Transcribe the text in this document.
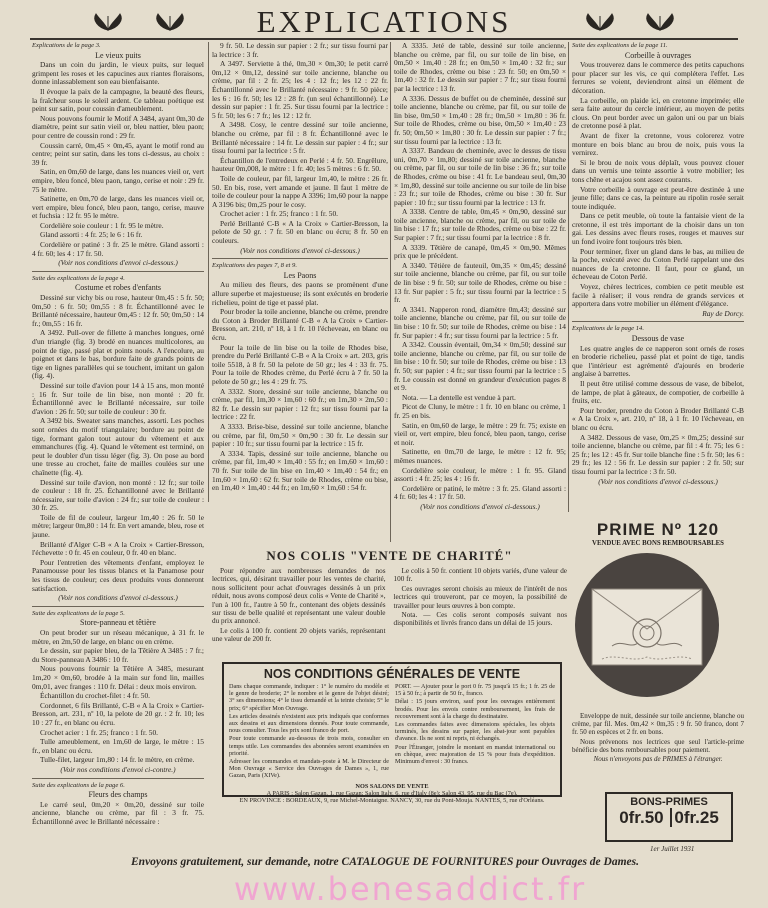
EXPLICATIONS

Explications de la page 3.

Le vieux puits

Dans un coin du jardin, le vieux puits, sur lequel grimpent les roses et les capucines aux riantes floraisons, donne inlassablement son eau bienfaisante.

Il évoque la paix de la campagne, la beauté des fleurs, la fraîcheur sous le soleil ardent. Ce tableau poétique est peint sur satin, pour coussin d'ameublement.

Nous pouvons fournir le Motif A 3484, ayant 0m,30 de diamètre, peint sur satin vieil or, bleu nattier, bleu paon; pour centre de coussin rond : 29 fr.

Coussin carré, 0m,45 × 0m,45, ayant le motif rond au centre; peint sur satin, dans les tons ci-dessus, au choix : 39 fr.

Satin, en 0m,60 de large, dans les nuances vieil or, vert empire, bleu foncé, bleu paon, tango, cerise et noir : 29 fr. 75 le mètre.

Satinette, en 0m,70 de large, dans les nuances vieil or, vert empire, bleu foncé, bleu paon, tango, cerise, mauve et fuchsia : 12 fr. 95 le mètre.

Cordelière soie couleur : 1 fr. 95 le mètre.

Gland assorti : 4 fr. 25; le 6 : 16 fr.

Cordelière or patiné : 3 fr. 25 le mètre. Gland assorti : 4 fr. 60; les 4 : 17 fr. 50.

(Voir nos conditions d'envoi ci-dessous.)

Suite des explications de la page 4.

Costume et robes d'enfants

Dessiné sur vichy bis ou rose, hauteur 0m,45 : 5 fr. 50; 0m,50 : 6 fr. 50; 0m,55 : 8 fr. Échantillonné avec le Brillanté nécessaire, hauteur 0m,45 : 12 fr. 50; 0m,50 : 14 fr.; 0m,55 : 16 fr.

A 3492. Pull-over de fillette à manches longues, orné d'un triangle (fig. 3) brodé en nuances multicolores, au point de tige, passé plat et points noués. A l'encolure, au poignet et dans le bas, bordure faite de grands points de tige en lignes parallèles qui se touchent, imitant un galon (fig. 4).

Dessiné sur toile d'avion pour 14 à 15 ans, mon monté : 16 fr. Sur toile de lin bise, non monté : 20 fr. Échantillonné avec le Brillanté nécessaire, sur toile d'avion : 26 fr. 50; sur toile de couleur : 30 fr.

A 3492 bis. Sweater sans manches, assorti. Les poches sont ornées du motif triangulaire; bordure au point de tige, formant galon tout autour du vêtement et aux emmanchures (fig. 4). Quand le vêtement est terminé, on peut le doubler d'un tissu léger (fig. 3). On pose au bord une tresse au crochet, faite de mailles coulées sur une chaînette (fig. 4).

Dessiné sur toile d'avion, non monté : 12 fr.; sur toile de couleur : 18 fr. 25. Échantillonné avec le Brillanté nécessaire, sur toile d'avion : 24 fr.; sur toile de couleur : 30 fr. 25.

Toile de fil de couleur, largeur 1m,40 : 26 fr. 50 le mètre; largeur 0m,80 : 14 fr. En vert amande, bleu, rose et jaune.

Brillanté d'Alger C-B « A la Croix » Cartier-Bresson, l'échevette : 0 fr. 45 en couleur, 0 fr. 40 en blanc.

Pour l'entretien des vêtements d'enfant, employez le Panamousse pour les tissus blancs et la Panamose pour les tissus de couleur; ces deux produits vous donneront satisfaction.

(Voir nos conditions d'envoi ci-dessous.)

Suite des explications de la page 5.

Store-panneau et têtière

On peut broder sur un réseau mécanique, à 31 fr. le mètre, en 2m,50 de large, en blanc ou en crème.

Le dessin, sur papier bleu, de la Têtière A 3485 : 7 fr.; du Store-panneau A 3486 : 10 fr.

Nous pouvons fournir la Têtière A 3485, mesurant 1m,20 × 0m,60, brodée à la main sur fond lin, mailles 0m,01, avec franges : 110 fr. Délai : deux mois environ.

Échantillon du crochet-filet : 4 fr. 50.

Cordonnet, 6 fils Brillanté, C-B « A la Croix » Cartier-Bresson, art. 231, nº 10, la pelote de 20 gr. : 2 fr. 10; les 10 : 27 fr., en blanc ou écru.

Crochet acier : 1 fr. 25; franco : 1 fr. 50.

Tulle ameublement, en 1m,60 de large, le mètre : 15 fr., en blanc ou écru.

Tulle-filet, largeur 1m,80 : 14 fr. le mètre, en crème.

(Voir nos conditions d'envoi ci-contre.)

Suite des explications de la page 6.

Fleurs des champs

Le carré seul, 0m,20 × 0m,20, dessiné sur toile ancienne, blanche ou crème, par fil : 3 fr. 75. Échantillonné avec le Brillanté nécessaire :

9 fr. 50. Le dessin sur papier : 2 fr.; sur tissu fourni par la lectrice : 3 fr.

A 3497. Serviette à thé, 0m,30 × 0m,30; le petit carré 0m,12 × 0m,12, dessiné sur toile ancienne, blanche ou crème, par fil : 2 fr. 25; les 4 : 12 fr.; les 12 : 22 fr. Échantillonné avec le Brillanté nécessaire : 9 fr. 50 pièce; les 6 : 16 fr. 50; les 12 : 28 fr. (un seul échantillonné). Le dessin sur papier : 1 fr. 25. Sur tissu fourni par la lectrice : 5 fr. 50; les 6 : 7 fr.; les 12 : 12 fr.

A 3498. Cosy, le centre dessiné sur toile ancienne, blanche ou crème, par fil : 8 fr. Échantillonné avec le Brillanté nécessaire : 14 fr. Le dessin sur papier : 4 fr.; sur tissu fourni par la lectrice : 5 fr.

Échantillon de l'entredeux en Perlé : 4 fr. 50. Engrêlure, hauteur 0m,008, le mètre : 1 fr. 40; les 5 mètres : 6 fr. 50.

Toile de couleur, par fil, largeur 1m,40, le mètre : 26 fr. 50. En bis, rose, vert amande et jaune. Il faut 1 mètre de toile de couleur pour la nappe A 3396; 1m,60 pour la nappe A 3196 bis; 0m,25 pour le cosy.

Crochet acier : 1 fr. 25; franco : 1 fr. 50.

Perlé Brillanté C-B « A la Croix » Cartier-Bresson, la pelote de 50 gr. : 7 fr. 50 en blanc ou écru; 8 fr. 50 en couleurs.

(Voir nos conditions d'envoi ci-dessous.)

Explications des pages 7, 8 et 9.

Les Paons

Au milieu des fleurs, des paons se promènent d'une allure superbe et majestueuse; ils sont exécutés en broderie richelieu, point de tige et passé plat.

Pour broder la toile ancienne, blanche ou crème, prendre du Coton à Broder Brillanté C-B « A la Croix » Cartier-Bresson, art. 210, nº 18, à 1 fr. 10 l'écheveau, en blanc ou écru.

Pour la toile de lin bise ou la toile de Rhodes bise, prendre du Perlé Brillanté C-B « A la Croix » art. 203, gris toile 5518, à 8 fr. 50 la pelote de 50 gr.; les 4 : 33 fr. 75. Pour la toile de Rhodes crème, du Perlé écru à 7 fr. 50 la pelote de 50 gr.; les 4 : 29 fr. 75.

A 3332. Store, dessiné sur toile ancienne, blanche ou crème, par fil, 1m,30 × 1m,60 : 60 fr.; en 1m,30 × 2m,50 : 82 fr. Le dessin sur papier : 12 fr.; sur tissu fourni par la lectrice : 22 fr.

A 3333. Brise-bise, dessiné sur toile ancienne, blanche ou crème, par fil, 0m,50 × 0m,90 : 30 fr. Le dessin sur papier : 10 fr.; sur tissu fourni par la lectrice : 15 fr.

A 3334. Tapis, dessiné sur toile ancienne, blanche ou crème, par fil, 1m,40 × 1m,40 : 55 fr.; en 1m,60 × 1m,60 : 70 fr. Sur toile de lin bise en 1m,40 × 1m,40 : 54 fr.; en 1m,60 × 1m,60 : 62 fr. Sur toile de Rhodes, crème ou bise, en 1m,40 × 1m,40 : 44 fr.; en 1m,60 × 1m,60 : 54 fr.

A 3335. Jeté de table, dessiné sur toile ancienne, blanche ou crème, par fil, ou sur toile de lin bise, en 0m,50 × 1m,40 : 28 fr.; en 0m,50 × 1m,40 : 32 fr.; sur toile de Rhodes, crème ou bise : 23 fr. 50; en 0m,50 × 1m,40 : 32 fr. Le dessin sur papier : 7 fr.; sur tissu fourni par la lectrice : 13 fr.

A 3336. Dessus de buffet ou de cheminée, dessiné sur toile ancienne, blanche ou crème, par fil, ou sur toile de lin bise, 0m,50 × 1m,40 : 28 fr.; 0m,50 × 1m,80 : 36 fr. Sur toile de Rhodes, crème ou bise, 0m,50 × 1m,40 : 23 fr. 50; 0m,50 × 1m,80 : 30 fr. Le dessin sur papier : 7 fr.; sur tissu fourni par la lectrice : 13 fr.

A 3337. Bandeau de cheminée, avec le dessus de tissu uni, 0m,70 × 1m,80; dessiné sur toile ancienne, blanche ou crème, par fil, ou sur toile de lin bise : 36 fr.; sur toile de Rhodes, crème ou bise : 41 fr. Le bandeau seul, 0m,30 × 1m,80, dessiné sur toile ancienne ou sur toile de lin bise : 23 fr.; sur toile de Rhodes, crème ou bise : 30 fr. Sur papier : 10 fr.; sur tissu fourni par la lectrice : 13 fr.

A 3338. Centre de table, 0m,45 × 0m,90, dessiné sur toile ancienne, blanche ou crème, par fil, ou sur toile de lin bise : 17 fr.; sur toile de Rhodes, crème ou bise : 22 fr. Sur papier : 7 fr.; sur tissu fourni par la lectrice : 8 fr.

A 3339. Têtière de canapé, 0m,45 × 0m,90. Mêmes prix que le précédent.

A 3340. Têtière de fauteuil, 0m,35 × 0m,45; dessiné sur toile ancienne, blanche ou crème, par fil, ou sur toile de lin bise : 9 fr. 50; sur toile de Rhodes, crème ou bise : 13 fr. Sur papier : 5 fr.; sur tissu fourni par la lectrice : 5 fr.

A 3341. Napperon rond, diamètre 0m,43; dessiné sur toile ancienne, blanche ou crème, par fil, ou sur toile de lin bise : 10 fr. 50; sur toile de Rhodes, crème ou bise : 14 fr. Sur papier : 4 fr.; sur tissu fourni par la lectrice : 5 fr.

A 3342. Coussin éventail, 0m,34 × 0m,50; dessiné sur toile ancienne, blanche ou crème, par fil, ou sur toile de lin bise : 10 fr. 50; sur toile de Rhodes, crème ou bise : 13 fr. 50; sur papier : 4 fr.; sur tissu fourni par la lectrice : 5 fr. Le coussin est donné en grandeur d'exécution pages 8 et 9.

Nota. — La dentelle est vendue à part.

Picot de Cluny, le mètre : 1 fr. 10 en blanc ou crème, 1 fr. 25 en bis.

Satin, en 0m,60 de large, le mètre : 29 fr. 75; existe en vieil or, vert empire, bleu foncé, bleu paon, tango, cerise et noir.

Satinette, en 0m,70 de large, le mètre : 12 fr. 95; mêmes nuances.

Cordelière soie couleur, le mètre : 1 fr. 95. Gland assorti : 4 fr. 25; les 4 : 16 fr.

Cordelière or patiné, le mètre : 3 fr. 25. Gland assorti : 4 fr. 60; les 4 : 17 fr. 50.

(Voir nos conditions d'envoi ci-dessous.)

Suite des explications de la page 11.

Corbeille à ouvrages

Vous trouverez dans le commerce des petits capuchons pour placer sur les vis, ce qui complétera l'effet. Les ferrures se voient, deviendront ainsi un élément de décoration.

La corbeille, on plaide ici, en cretonne imprimée; elle sera faite autour du cercle intérieur, au moyen de petits clous. On peut border avec un galon uni ou par un biais de cretonne posé à plat.

Avant de fixer la cretonne, vous colorerez votre monture en bois blanc au brou de noix, puis vous la vernirez.

Si le brou de noix vous déplaît, vous pouvez clouer dans un vernis une teinte assortie à votre mobilier; les tons chêne et acajou sont assez courants.

Votre corbeille à ouvrage est peut-être destinée à une jeune fille; dans ce cas, la peinture au ripolin rosée serait toute indiquée.

Dans ce petit meuble, où toute la fantaisie vient de la cretonne, il est très important de la choisir dans un ton gai. Les dessins avec fleurs roses, rouges et mauves sur un fond ivoire font toujours très bien.

Pour terminer, fixer un gland dans le bas, au milieu de la poche, exécuté avec du Coton Perlé rappelant une des nuances de la cretonne. Il faut, pour ce gland, un écheveau de Coton Perlé.

Voyez, chères lectrices, combien ce petit meuble est facile à réaliser; il vous rendra de grands services et apportera dans votre mobilier un élément d'élégance.

Ray de Dorcy.

Explications de la page 14.

Dessous de vase

Les quatre angles de ce napperon sont ornés de roses en broderie richelieu, passé plat et point de tige, tandis que l'intérieur est agrémenté d'ajourés en broderie anglaise à barrettes.

Il peut être utilisé comme dessous de vase, de bibelot, de lampe, de plat à gâteaux, de compotier, de corbeille à fruits, etc.

Pour broder, prendre du Coton à Broder Brillanté C-B « A la Croix », art. 210, nº 18, à 1 fr. 10 l'écheveau, en blanc ou écru.

A 3482. Dessous de vase, 0m,25 × 0m,25; dessiné sur toile ancienne, blanche ou crème, par fil : 4 fr. 75; les 6 : 25 fr.; les 12 : 45 fr. Sur toile blanche fine : 5 fr. 50; les 6 : 29 fr.; les 12 : 56 fr. Le dessin sur papier : 2 fr. 50; sur tissu fourni par la lectrice : 3 fr. 50.

(Voir nos conditions d'envoi ci-dessous.)

NOS COLIS "VENTE DE CHARITÉ"

Pour répondre aux nombreuses demandes de nos lectrices, qui, désirant travailler pour les ventes de charité, nous sollicitent pour achat d'ouvrages dessinés à un prix réduit, nous avons composé deux colis « Vente de Charité », l'un à 100 fr., l'autre à 50 fr., contenant des objets dessinés sur tissu de belle qualité et représentant une valeur double du prix annoncé.

Le colis à 100 fr. contient 20 objets variés, représentant une valeur de 200 fr.

Le colis à 50 fr. contient 10 objets variés, d'une valeur de 100 fr.

Ces ouvrages seront choisis au mieux de l'intérêt de nos lectrices qui trouveront, par ce moyen, la possibilité de travailler pour leurs œuvres à bon compte.

Nota. — Ces colis seront composés suivant nos disponibilités et livrés franco dans un délai de 15 jours.

NOS CONDITIONS GÉNÉRALES DE VENTE

Dans chaque commande, indiquer : 1° le numéro du modèle et le genre de broderie; 2° le nombre et le genre de l'objet désiré; 3° ses dimensions; 4° le tissu demandé et la teinte choisie; 5° le prix; 6° spécifier Mon Ouvrage.

Les articles dessinés n'existent aux prix indiqués que conformes aux dessins et aux dimensions donnés. Pour toute commande, nous consulter. Tous les prix sont franco de port.

Pour toute commande au-dessous de trois mois, consulter en temps utile. Les commandes des abonnées seront examinées en priorité.

Adresser les commandes et mandats-poste à M. le Directeur de Mon Ouvrage « Service des Ouvrages de Dames », 1, rue Gazan, Paris (XIVe).

PORT. — Ajouter pour le port 0 fr. 75 jusqu'à 15 fr.; 1 fr. 25 de 15 à 50 fr.; à partir de 50 fr., franco.

Délai : 15 jours environ, sauf pour les ouvrages entièrement brodés. Pour les envois contre remboursement, les frais de recouvrement sont à la charge du destinataire.

Les commandes faites avec dimensions spéciales, les objets terminés, les dessins sur papier, les abat-jour sont payables d'avance. Ils ne sont ni repris, ni échangés.

Pour l'Étranger, joindre le montant en mandat international ou en chèque, avec majoration de 15 % pour frais d'expédition. Minimum d'envoi : 30 francs.

NOS SALONS DE VENTE
A PARIS : Salon Gazan, 1, rue Gazan; Salon Italy, 6, rue d'Italy (8e); Salon 43, 95, rue du Bac (7e).
EN PROVINCE : BORDEAUX, 9, rue Michel-Montaigne. NANCY, 30, rue du Pont-Mouja. NANTES, 5, rue d'Orléans.
PRIME Nº 120
VENDUE AVEC BONS REMBOURSABLES

Enveloppe de nuit, dessinée sur toile ancienne, blanche ou crème, par fil. Mes. 0m,42 × 0m,35 : 9 fr. 50 franco, dont 7 fr. 50 en espèces et 2 fr. en bons.

Nous prévenons nos lectrices que seul l'article-prime bénéficie des bons remboursables pour paiement.

Nous n'envoyons pas de PRIMES à l'étranger.

BONS-PRIMES
0fr.50 0fr.25
1er Juillet 1931
Envoyons gratuitement, sur demande, notre CATALOGUE DE FOURNITURES pour Ouvrages de Dames.
www.benesaddict.fr
